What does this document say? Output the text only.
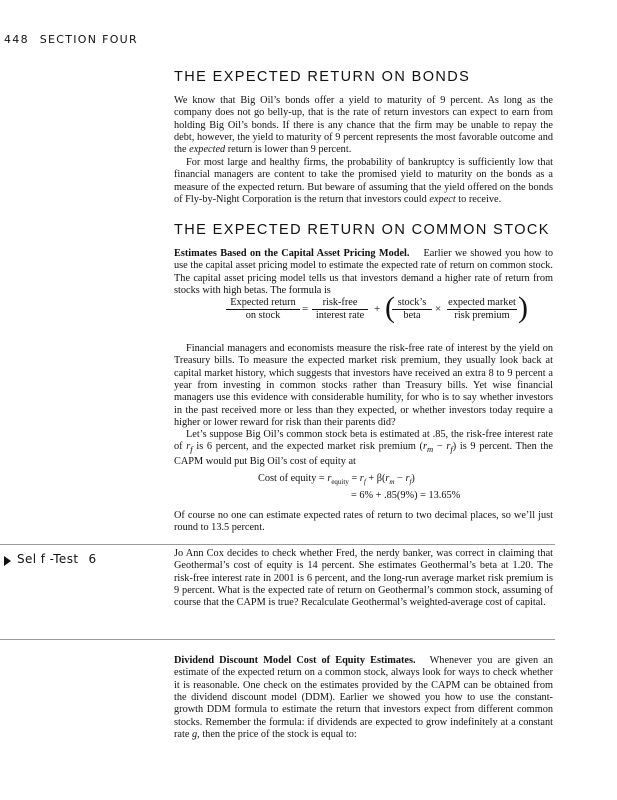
448 SECTION FOUR
THE EXPECTED RETURN ON BONDS

We know that Big Oil’s bonds offer a yield to maturity of 9 percent. As long as the company does not go belly-up, that is the rate of return investors can expect to earn from holding Big Oil’s bonds. If there is any chance that the firm may be unable to repay the debt, however, the yield to maturity of 9 percent represents the most favorable outcome and the expected return is lower than 9 percent.

For most large and healthy firms, the probability of bankruptcy is sufficiently low that financial managers are content to take the promised yield to maturity on the bonds as a measure of the expected return. But beware of assuming that the yield offered on the bonds of Fly-by-Night Corporation is the return that investors could expect to receive.

THE EXPECTED RETURN ON COMMON STOCK

Estimates Based on the Capital Asset Pricing Model. Earlier we showed you how to use the capital asset pricing model to estimate the expected rate of return on common stock. The capital asset pricing model tells us that investors demand a higher rate of return from stocks with high betas. The formula is

Expected return
on stock
=
risk-free
interest rate
+ ( stock’s
beta
×
expected market
risk premium )

Financial managers and economists measure the risk-free rate of interest by the yield on Treasury bills. To measure the expected market risk premium, they usually look back at capital market history, which suggests that investors have received an extra 8 to 9 percent a year from investing in common stocks rather than Treasury bills. Yet wise financial managers use this evidence with considerable humility, for who is to say whether investors in the past received more or less than they expected, or whether investors today require a higher or lower reward for risk than their parents did?

Let’s suppose Big Oil’s common stock beta is estimated at .85, the risk-free interest rate of $r_f$ is 6 percent, and the expected market risk premium $(r_m - r_f)$ is 9 percent. Then the CAPM would put Big Oil’s cost of equity at

Cost of equity = $r_{equity} = r_f + \beta(r_m - r_f)$
= 6% + .85(9%) = 13.65%

Of course no one can estimate expected rates of return to two decimal places, so we’ll just round to 13.5 percent.

Sel f -Test 6	Jo Ann Cox decides to check whether Fred, the nerdy banker, was correct in claiming that Geothermal’s cost of equity is 14 percent. She estimates Geothermal’s beta at 1.20. The risk-free interest rate in 2001 is 6 percent, and the long-run average market risk premium is 9 percent. What is the expected rate of return on Geothermal’s common stock, assuming of course that the CAPM is true? Recalculate Geothermal’s weighted-average cost of capital.

Dividend Discount Model Cost of Equity Estimates. Whenever you are given an estimate of the expected return on a common stock, always look for ways to check whether it is reasonable. One check on the estimates provided by the CAPM can be obtained from the dividend discount model (DDM). Earlier we showed you how to use the constant-growth DDM formula to estimate the return that investors expect from different common stocks. Remember the formula: if dividends are expected to grow indefinitely at a constant rate g, then the price of the stock is equal to:
